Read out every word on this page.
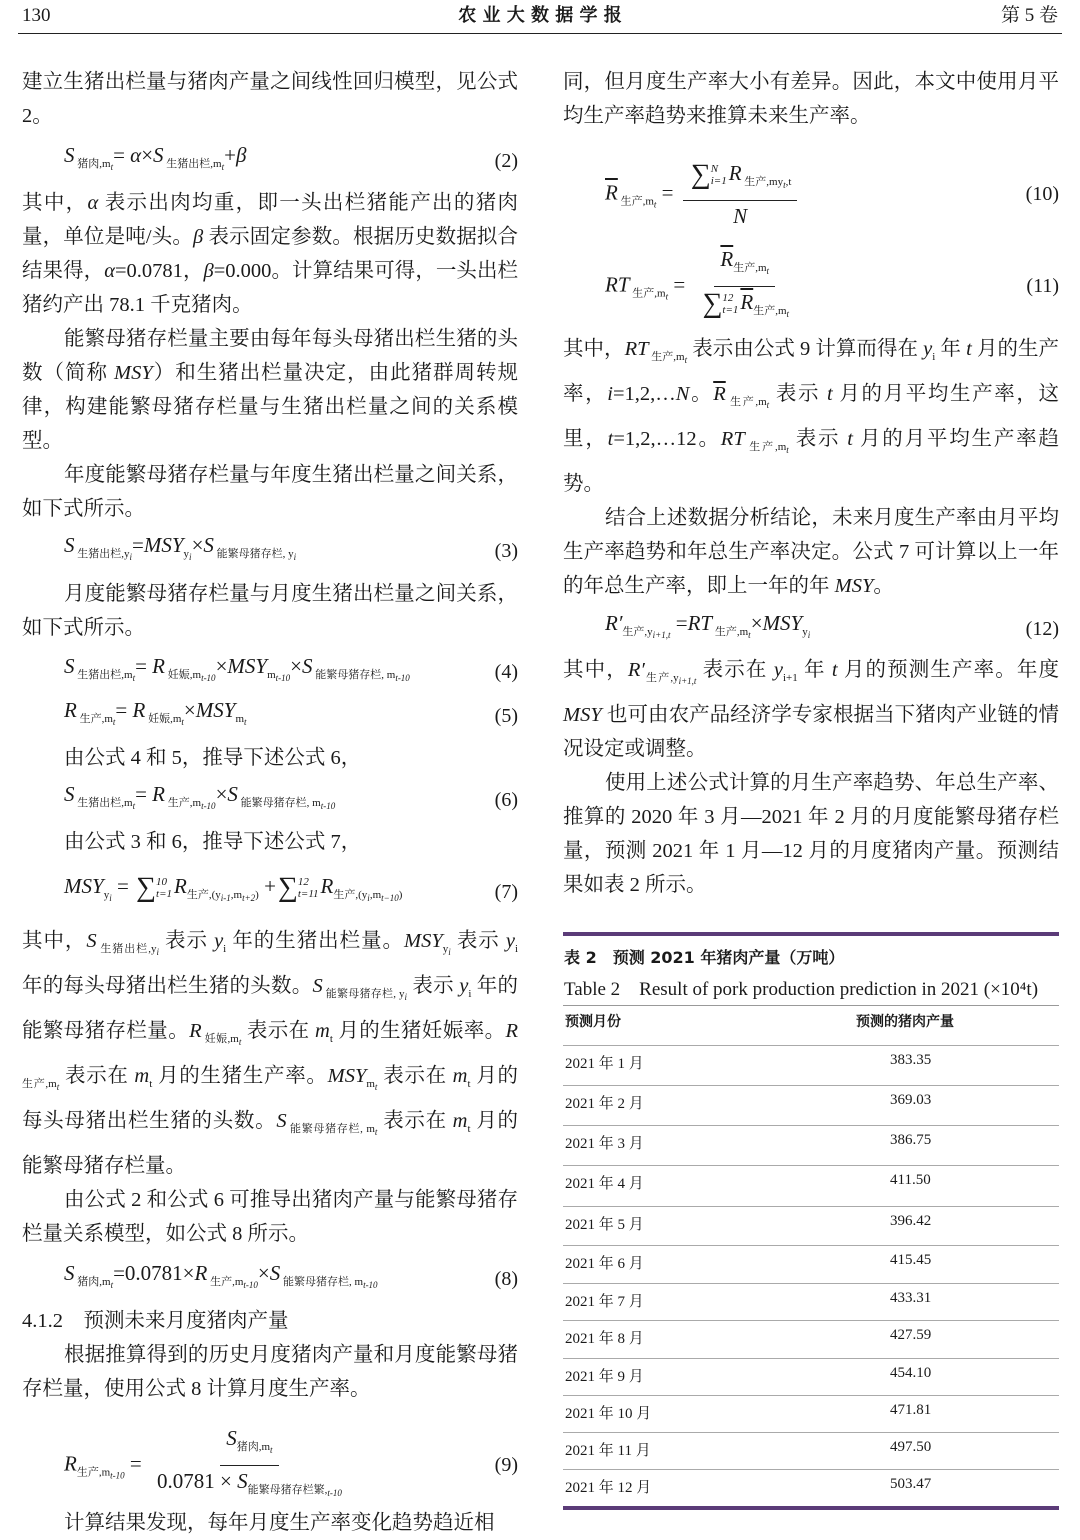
130	农 业 大 数 据 学 报	第 5 卷
建立生猪出栏量与猪肉产量之间线性回归模型，见公式 2。
S $_{猪肉,mt}$= α×S $_{生猪出栏,mt}$+β	(2)
其中，α 表示出肉均重，即一头出栏猪能产出的猪肉量，单位是吨/头。β 表示固定参数。根据历史数据拟合结果得，α=0.0781，β=0.000。计算结果可得，一头出栏猪约产出 78.1 千克猪肉。
能繁母猪存栏量主要由每年每头母猪出栏生猪的头数（简称 MSY）和生猪出栏量决定，由此猪群周转规律，构建能繁母猪存栏量与生猪出栏量之间的关系模型。
年度能繁母猪存栏量与年度生猪出栏量之间关系，如下式所示。
S $_{生猪出栏,yi}=MSY_{yi}\times S$ $_{能繁母猪存栏, yi}$	(3)
月度能繁母猪存栏量与月度生猪出栏量之间关系，如下式所示。
S $_{生猪出栏,mt}$= R $_{妊娠,mt-10}\times MSY_{mt-10}\times S$ $_{能繁母猪存栏, mt-10}$	(4)
R $_{生产,mt}$= R $_{妊娠,mt}\times MSY_{mt}$	(5)
由公式 4 和 5，推导下述公式 6，
S $_{生猪出栏,mt}$= R $_{生产,mt-10}$×S $_{能繁母猪存栏, mt-10}$	(6)
由公式 3 和 6，推导下述公式 7，
$MSY_{yi}$ = ∑ 10
t=1 $R_{生产,(yi-1,mt+2)}$ + ∑ 12
t=11 $R_{生产,(yi,mt-10)}$	(7)
其中，S $_{生猪出栏,yi}$ 表示 $y_i$ 年的生猪出栏量。$MSY_{yi}$ 表示 $y_i$ 年的每头母猪出栏生猪的头数。S $_{能繁母猪存栏, yi}$ 表示 $y_i$ 年的能繁母猪存栏量。R $_{妊娠,mt}$ 表示在 $m_t$ 月的生猪妊娠率。R $_{生产,mt}$ 表示在 $m_t$ 月的生猪生产率。$MSY_{mt}$ 表示在 $m_t$ 月的每头母猪出栏生猪的头数。S $_{能繁母猪存栏, mt}$ 表示在 $m_t$ 月的能繁母猪存栏量。
由公式 2 和公式 6 可推导出猪肉产量与能繁母猪存栏量关系模型，如公式 8 所示。
S $_{猪肉,mt}$=0.0781×R $_{生产,mt-10}$×S $_{能繁母猪存栏, mt-10}$	(8)
4.1.2　预测未来月度猪肉产量
根据推算得到的历史月度猪肉产量和月度能繁母猪存栏量，使用公式 8 计算月度生产率。
$R_{生产,mt-10} = \frac{S_{猪肉,mt}}{0.0781 \times S_{能繁母猪存栏繁,t-10}}$	(9)
计算结果发现，每年月度生产率变化趋势趋近相
同，但月度生产率大小有差异。因此，本文中使用月平均生产率趋势来推算未来生产率。
$\overline{R}$ $_{生产,mt}$ = ∑ N
i=1 R $_{生产,myt,t}$
N	(10)
RT $_{生产,mt} = \overline{R}_{生产,mt}$
∑ 12
t=1 $\overline{R}_{生产,mt}$	(11)
其中，RT $_{生产,mt}$ 表示由公式 9 计算而得在 $y_i$ 年 t 月的生产率，i=1,2,…N。$\overline{R}$ $_{生产,mt}$ 表示 t 月的月平均生产率，这里，t=1,2,…12。RT $_{生产,mt}$ 表示 t 月的月平均生产率趋势。
结合上述数据分析结论，未来月度生产率由月平均生产率趋势和年总生产率决定。公式 7 可计算以上一年的年总生产率，即上一年的年 MSY。
$R'_{生产,yi+1,t} =RT$ $_{生产,mt}\times MSY_{yi}$	(12)
其中，$R'_{生产,yi+1,t}$ 表示在 $y_{i+1}$ 年 t 月的预测生产率。年度 MSY 也可由农产品经济学专家根据当下猪肉产业链的情况设定或调整。
使用上述公式计算的月生产率趋势、年总生产率、推算的 2020 年 3 月—2021 年 2 月的月度能繁母猪存栏量，预测 2021 年 1 月—12 月的月度猪肉产量。预测结果如表 2 所示。
表 2　预测 2021 年猪肉产量（万吨）
Table 2　Result of pork production prediction in 2021 (×10⁴t)
预测月份	预测的猪肉产量
2021 年 1 月	383.35
2021 年 2 月	369.03
2021 年 3 月	386.75
2021 年 4 月	411.50
2021 年 5 月	396.42
2021 年 6 月	415.45
2021 年 7 月	433.31
2021 年 8 月	427.59
2021 年 9 月	454.10
2021 年 10 月	471.81
2021 年 11 月	497.50
2021 年 12 月	503.47
